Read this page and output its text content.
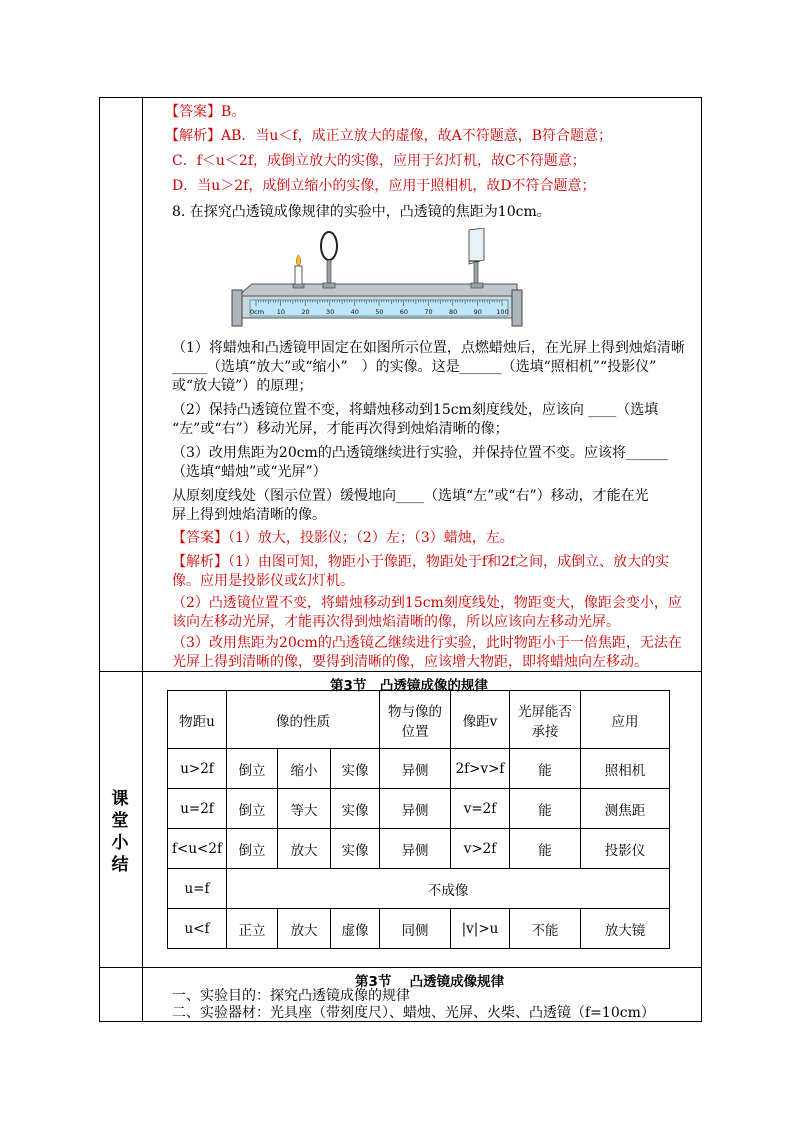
【答案】B。
【解析】AB．当u＜f，成正立放大的虚像，故A不符题意，B符合题意；
C．f＜u＜2f，成倒立放大的实像，应用于幻灯机，故C不符题意；
D．当u＞2f，成倒立缩小的实像，应用于照相机，故D不符合题意；
8. 在探究凸透镜成像规律的实验中，凸透镜的焦距为10cm。
10	20	30	40	50	60	70	80	90 100
0cm
（1）将蜡烛和凸透镜甲固定在如图所示位置，点燃蜡烛后，在光屏上得到烛焰清晰
_____（选填“放大”或“缩小”　）的实像。这是______（选填“照相机”“投影仪”
或“放大镜”）的原理；
（2）保持凸透镜位置不变，将蜡烛移动到15cm刻度线处，应该向 ____（选填
“左”或“右”）移动光屏，才能再次得到烛焰清晰的像；
（3）改用焦距为20cm的凸透镜继续进行实验，并保持位置不变。应该将______
（选填“蜡烛”或“光屏”）
从原刻度线处（图示位置）缓慢地向____（选填“左”或“右”）移动，才能在光
屏上得到烛焰清晰的像。
【答案】（1）放大，投影仪；（2）左；（3）蜡烛，左。
【解析】（1）由图可知，物距小于像距，物距处于f和2f之间，成倒立、放大的实
像。应用是投影仪或幻灯机。
（2）凸透镜位置不变，将蜡烛移动到15cm刻度线处，物距变大，像距会变小，应
该向左移动光屏，才能再次得到烛焰清晰的像，所以应该向左移动光屏。
（3）改用焦距为20cm的凸透镜乙继续进行实验，此时物距小于一倍焦距，无法在
光屏上得到清晰的像，要得到清晰的像，应该增大物距，即将蜡烛向左移动。
课堂小结
第3节　凸透镜成像的规律
物距u	像的性质			物与像的位置	像距v	光屏能否承接	应用
u>2f	倒立	缩小	实像	异侧	2f>v>f	能	照相机
u=2f	倒立	等大	实像	异侧	v=2f	能	测焦距
f<u<2f	倒立	放大	实像	异侧	v>2f	能	投影仪
u=f	不成像						
u<f	正立	放大	虚像	同侧	|v|>u	不能	放大镜
第3节　 凸透镜成像规律
一、实验目的：探究凸透镜成像的规律
二、实验器材：光具座（带刻度尺）、蜡烛、光屏、火柴、凸透镜（f=10cm）
